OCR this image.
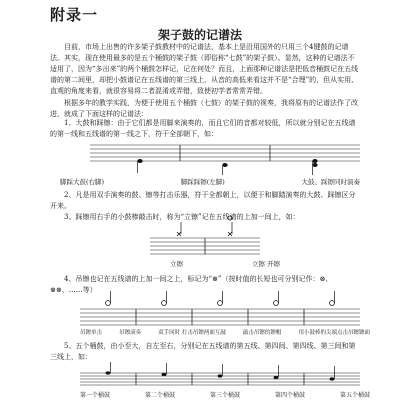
附录一
架子鼓的记谱法
目前，市场上出售的许多架子鼓教材中的记谱法，基本上是沿用国外的只用三个4键鼓的记谱法。其实，现在使用最多的是五个桶鼓的架子鼓（即俗称“七鼓”的架子鼓）。显然，这种的记谱法不适用了，因为“多出来”的两个桶鼓怎样记，记在何处？而且，上面那种记谱法是把低音桶鼓记在五线谱的第二间里，却把小鼓谱记在五线谱的第三线上，从音的高低来看这并不是“合理”的，但从实用、直观的角度来看，就很容易将二者混淆或弄错，致使初学者常常弄错。
根据多年的教学实践，为便于使用五个桶鼓（七鼓）的架子鼓的视奏，我将原有的记谱法作了改进，就成了下面这样的记谱法：
1、大鼓和踩镲：由于它们都是用脚来演奏的，而且它们的音都对较低，所以就分别记在五线谱的第一线和五线谱的第一线之下，符干全部朝下，如：
脚踩大鼓(右脚)	脚踩踩镲(左脚)	大鼓、踩镲同时演奏
2、凡是用双手演奏的鼓、镲等打击乐器，符干全都朝上，以便于和脚踏演奏的大鼓、踩镲区分开来。
3、踩镲用右手的小鼓棒敲击时，称为“立镲”记在五线谱的上加一间上，如：
立镲	立镲 开镲
4、吊镲也记在五线谱的上加一间之上，标记为“⊗”（按时值的长短也可分别记作：⊗、⊗⊗、……等）
吊镲单击	吊镲滚奏	双手同时 打击吊镲两面互敲	敲击吊镲的镲帽	用小鼓棒的尖端点击吊镲镲面
5、五个桶鼓，由小至大，自左至右，分别记在五线谱的第五线、第四间、第四线、第三间和第三线上，如：
第一个桶鼓	第二个桶鼓	第三个桶鼓	第四个桶鼓	第五个桶鼓
